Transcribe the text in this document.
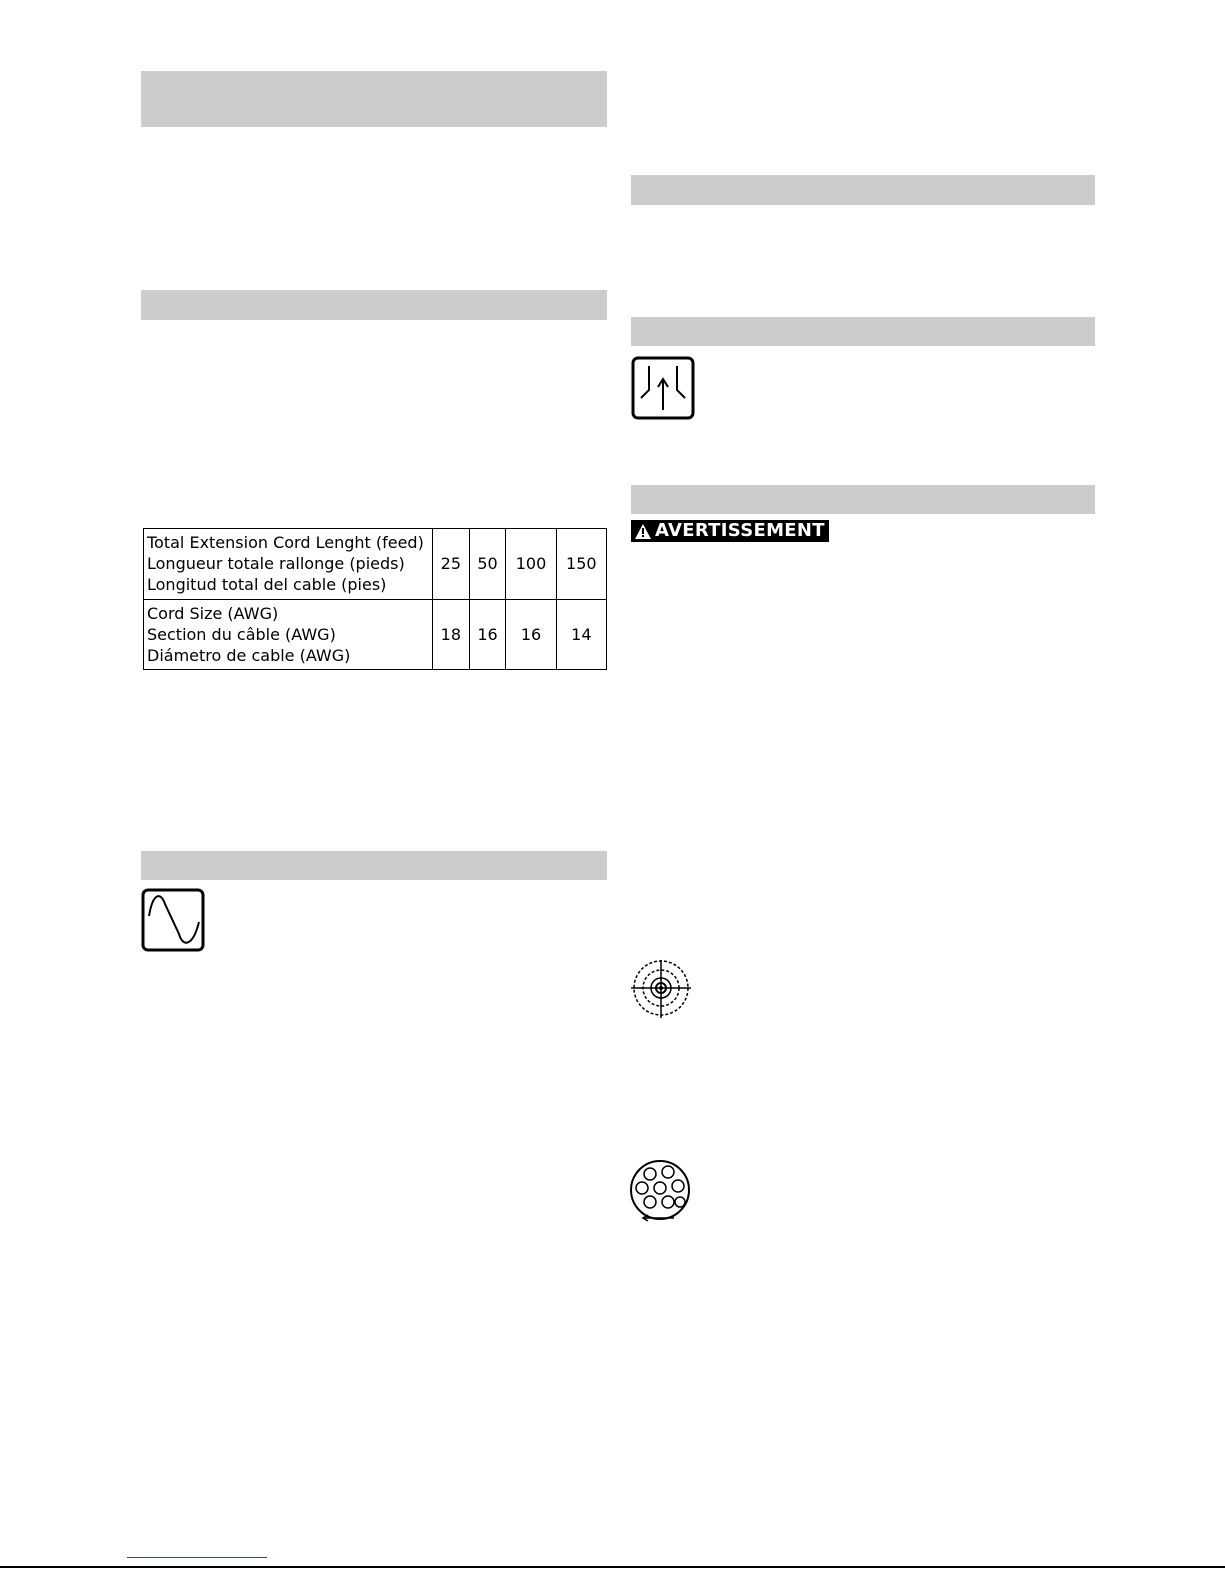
Total Extension Cord Lenght (feed)
Longueur totale rallonge (pieds)
Longitud total del cable (pies)	25	50	100	150

Cord Size (AWG)
Section du câble (AWG)
Diámetro de cable (AWG)	18	16	16	14
AVERTISSEMENT
